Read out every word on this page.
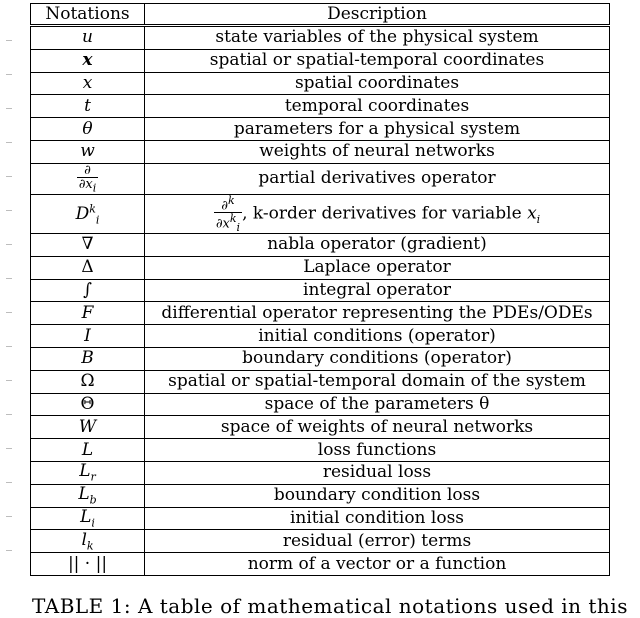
Notations	Description
u	state variables of the physical system
x	spatial or spatial-temporal coordinates
x	spatial coordinates
t	temporal coordinates
θ	parameters for a physical system
w	weights of neural networks

$\frac{\partial}{\partial x_i}$	partial derivatives operator
$D^k_i$	$\frac{\partial^k}{\partial x^k_i}$ , k-order derivatives for variable $x_i$
∇	nabla operator (gradient)
Δ	Laplace operator
∫	integral operator
F	differential operator representing the PDEs/ODEs
I	initial conditions (operator)
B	boundary conditions (operator)
Ω	spatial or spatial-temporal domain of the system
Θ	space of the parameters θ
W	space of weights of neural networks
L	loss functions
$L_r$	residual loss
$L_b$	boundary condition loss
$L_i$	initial condition loss
$l_k$	residual (error) terms
|| · ||	norm of a vector or a function
TABLE 1: A table of mathematical notations used in this
